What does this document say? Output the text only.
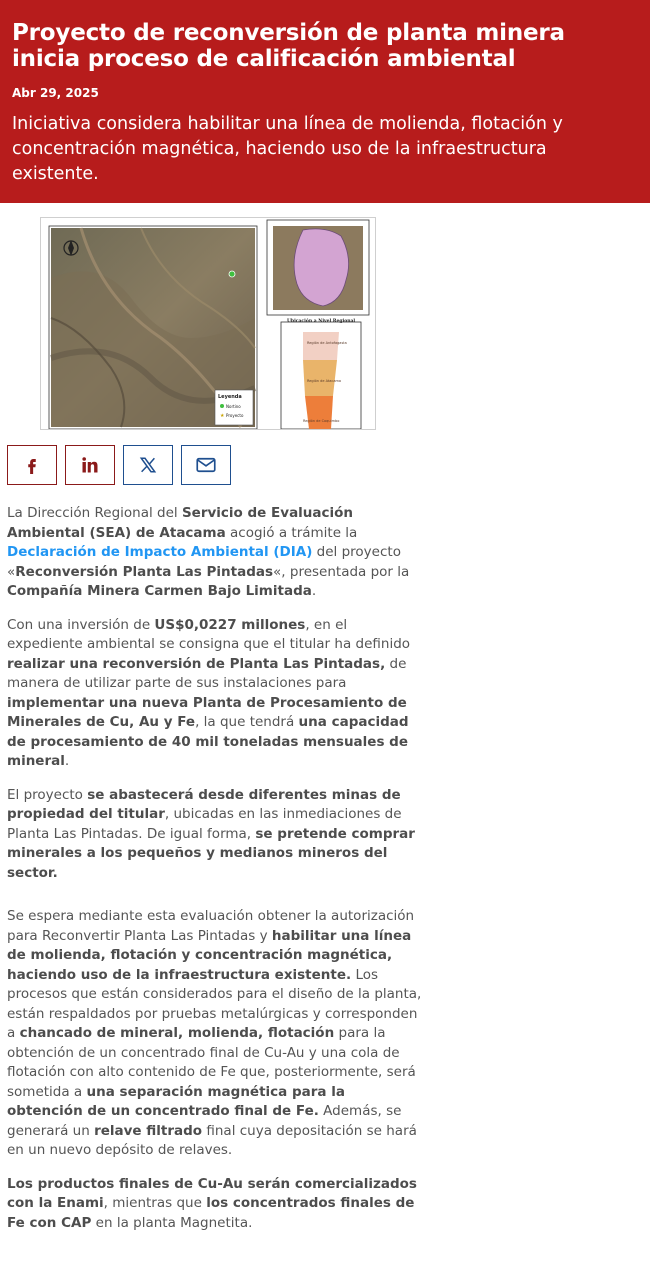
Proyecto de reconversión de planta minera inicia proceso de calificación ambiental
Abr 29, 2025
Iniciativa considera habilitar una línea de molienda, flotación y concentración magnética, haciendo uso de la infraestructura existente.
Leyenda
Nortino
★ Proyecto
Ubicación a Nivel Regional
Región de Antofagasta
Región de Atacama
Región de Coquimbo

La Dirección Regional del Servicio de Evaluación Ambiental (SEA) de Atacama acogió a trámite la Declaración de Impacto Ambiental (DIA) del proyecto «Reconversión Planta Las Pintadas«, presentada por la Compañía Minera Carmen Bajo Limitada.

Con una inversión de US$0,0227 millones, en el expediente ambiental se consigna que el titular ha definido realizar una reconversión de Planta Las Pintadas, de manera de utilizar parte de sus instalaciones para implementar una nueva Planta de Procesamiento de Minerales de Cu, Au y Fe, la que tendrá una capacidad de procesamiento de 40 mil toneladas mensuales de mineral.

El proyecto se abastecerá desde diferentes minas de propiedad del titular, ubicadas en las inmediaciones de Planta Las Pintadas. De igual forma, se pretende comprar minerales a los pequeños y medianos mineros del sector.

Se espera mediante esta evaluación obtener la autorización para Reconvertir Planta Las Pintadas y habilitar una línea de molienda, flotación y concentración magnética, haciendo uso de la infraestructura existente. Los procesos que están considerados para el diseño de la planta, están respaldados por pruebas metalúrgicas y corresponden a chancado de mineral, molienda, flotación para la obtención de un concentrado final de Cu-Au y una cola de flotación con alto contenido de Fe que, posteriormente, será sometida a una separación magnética para la obtención de un concentrado final de Fe. Además, se generará un relave filtrado final cuya depositación se hará en un nuevo depósito de relaves.

Los productos finales de Cu-Au serán comercializados con la Enami, mientras que los concentrados finales de Fe con CAP en la planta Magnetita.
